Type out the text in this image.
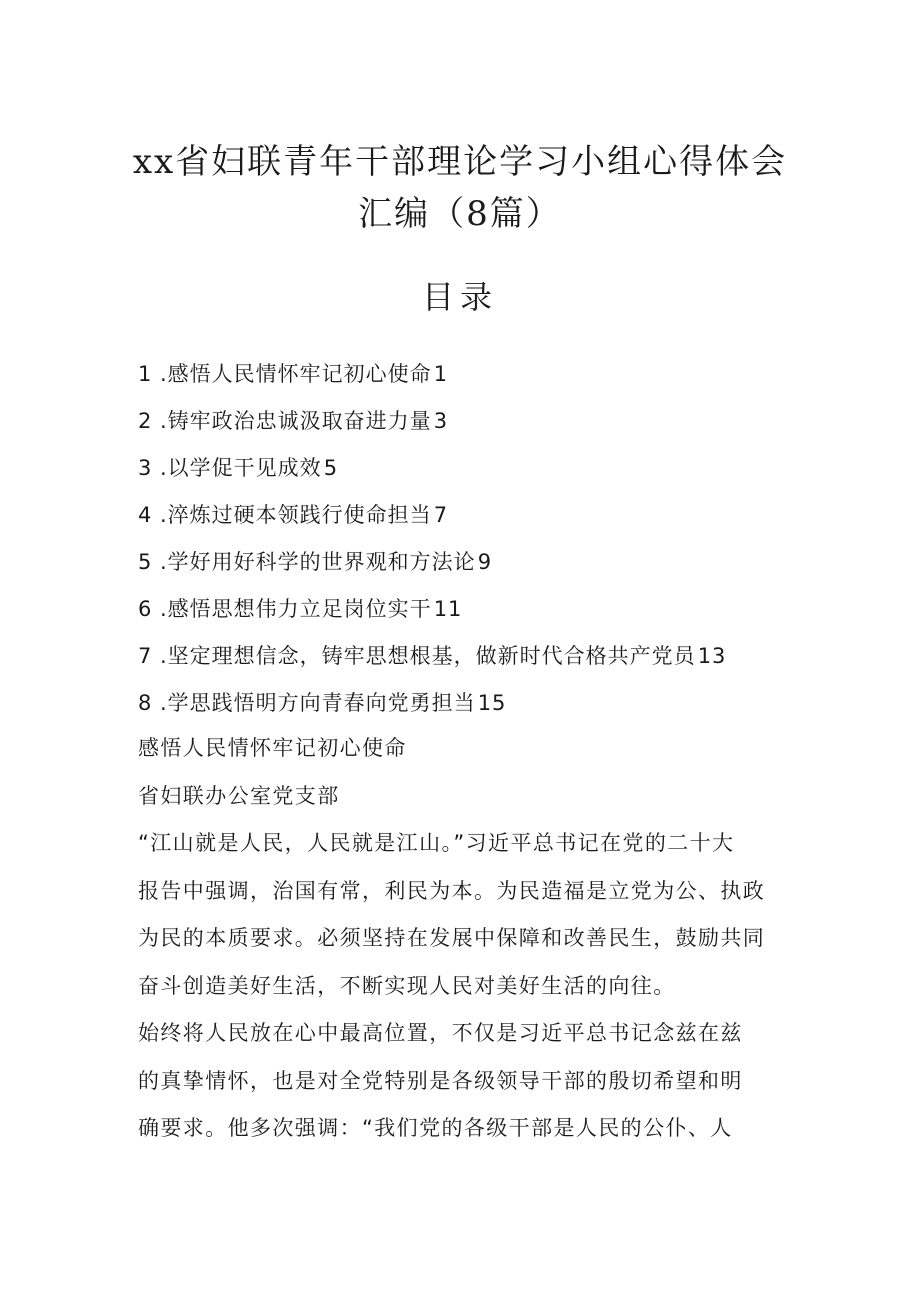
xx省妇联青年干部理论学习小组心得体会
汇编（8篇）
目录
1 .感悟人民情怀牢记初心使命1
2 .铸牢政治忠诚汲取奋进力量3
3 .以学促干见成效5
4 .淬炼过硬本领践行使命担当7
5 .学好用好科学的世界观和方法论9
6 .感悟思想伟力立足岗位实干11
7 .坚定理想信念，铸牢思想根基，做新时代合格共产党员13
8 .学思践悟明方向青春向党勇担当15
感悟人民情怀牢记初心使命
省妇联办公室党支部
“江山就是人民，人民就是江山。”习近平总书记在党的二十大
报告中强调，治国有常，利民为本。为民造福是立党为公、执政
为民的本质要求。必须坚持在发展中保障和改善民生，鼓励共同
奋斗创造美好生活，不断实现人民对美好生活的向往。
始终将人民放在心中最高位置，不仅是习近平总书记念兹在兹
的真挚情怀，也是对全党特别是各级领导干部的殷切希望和明
确要求。他多次强调：“我们党的各级干部是人民的公仆、人
